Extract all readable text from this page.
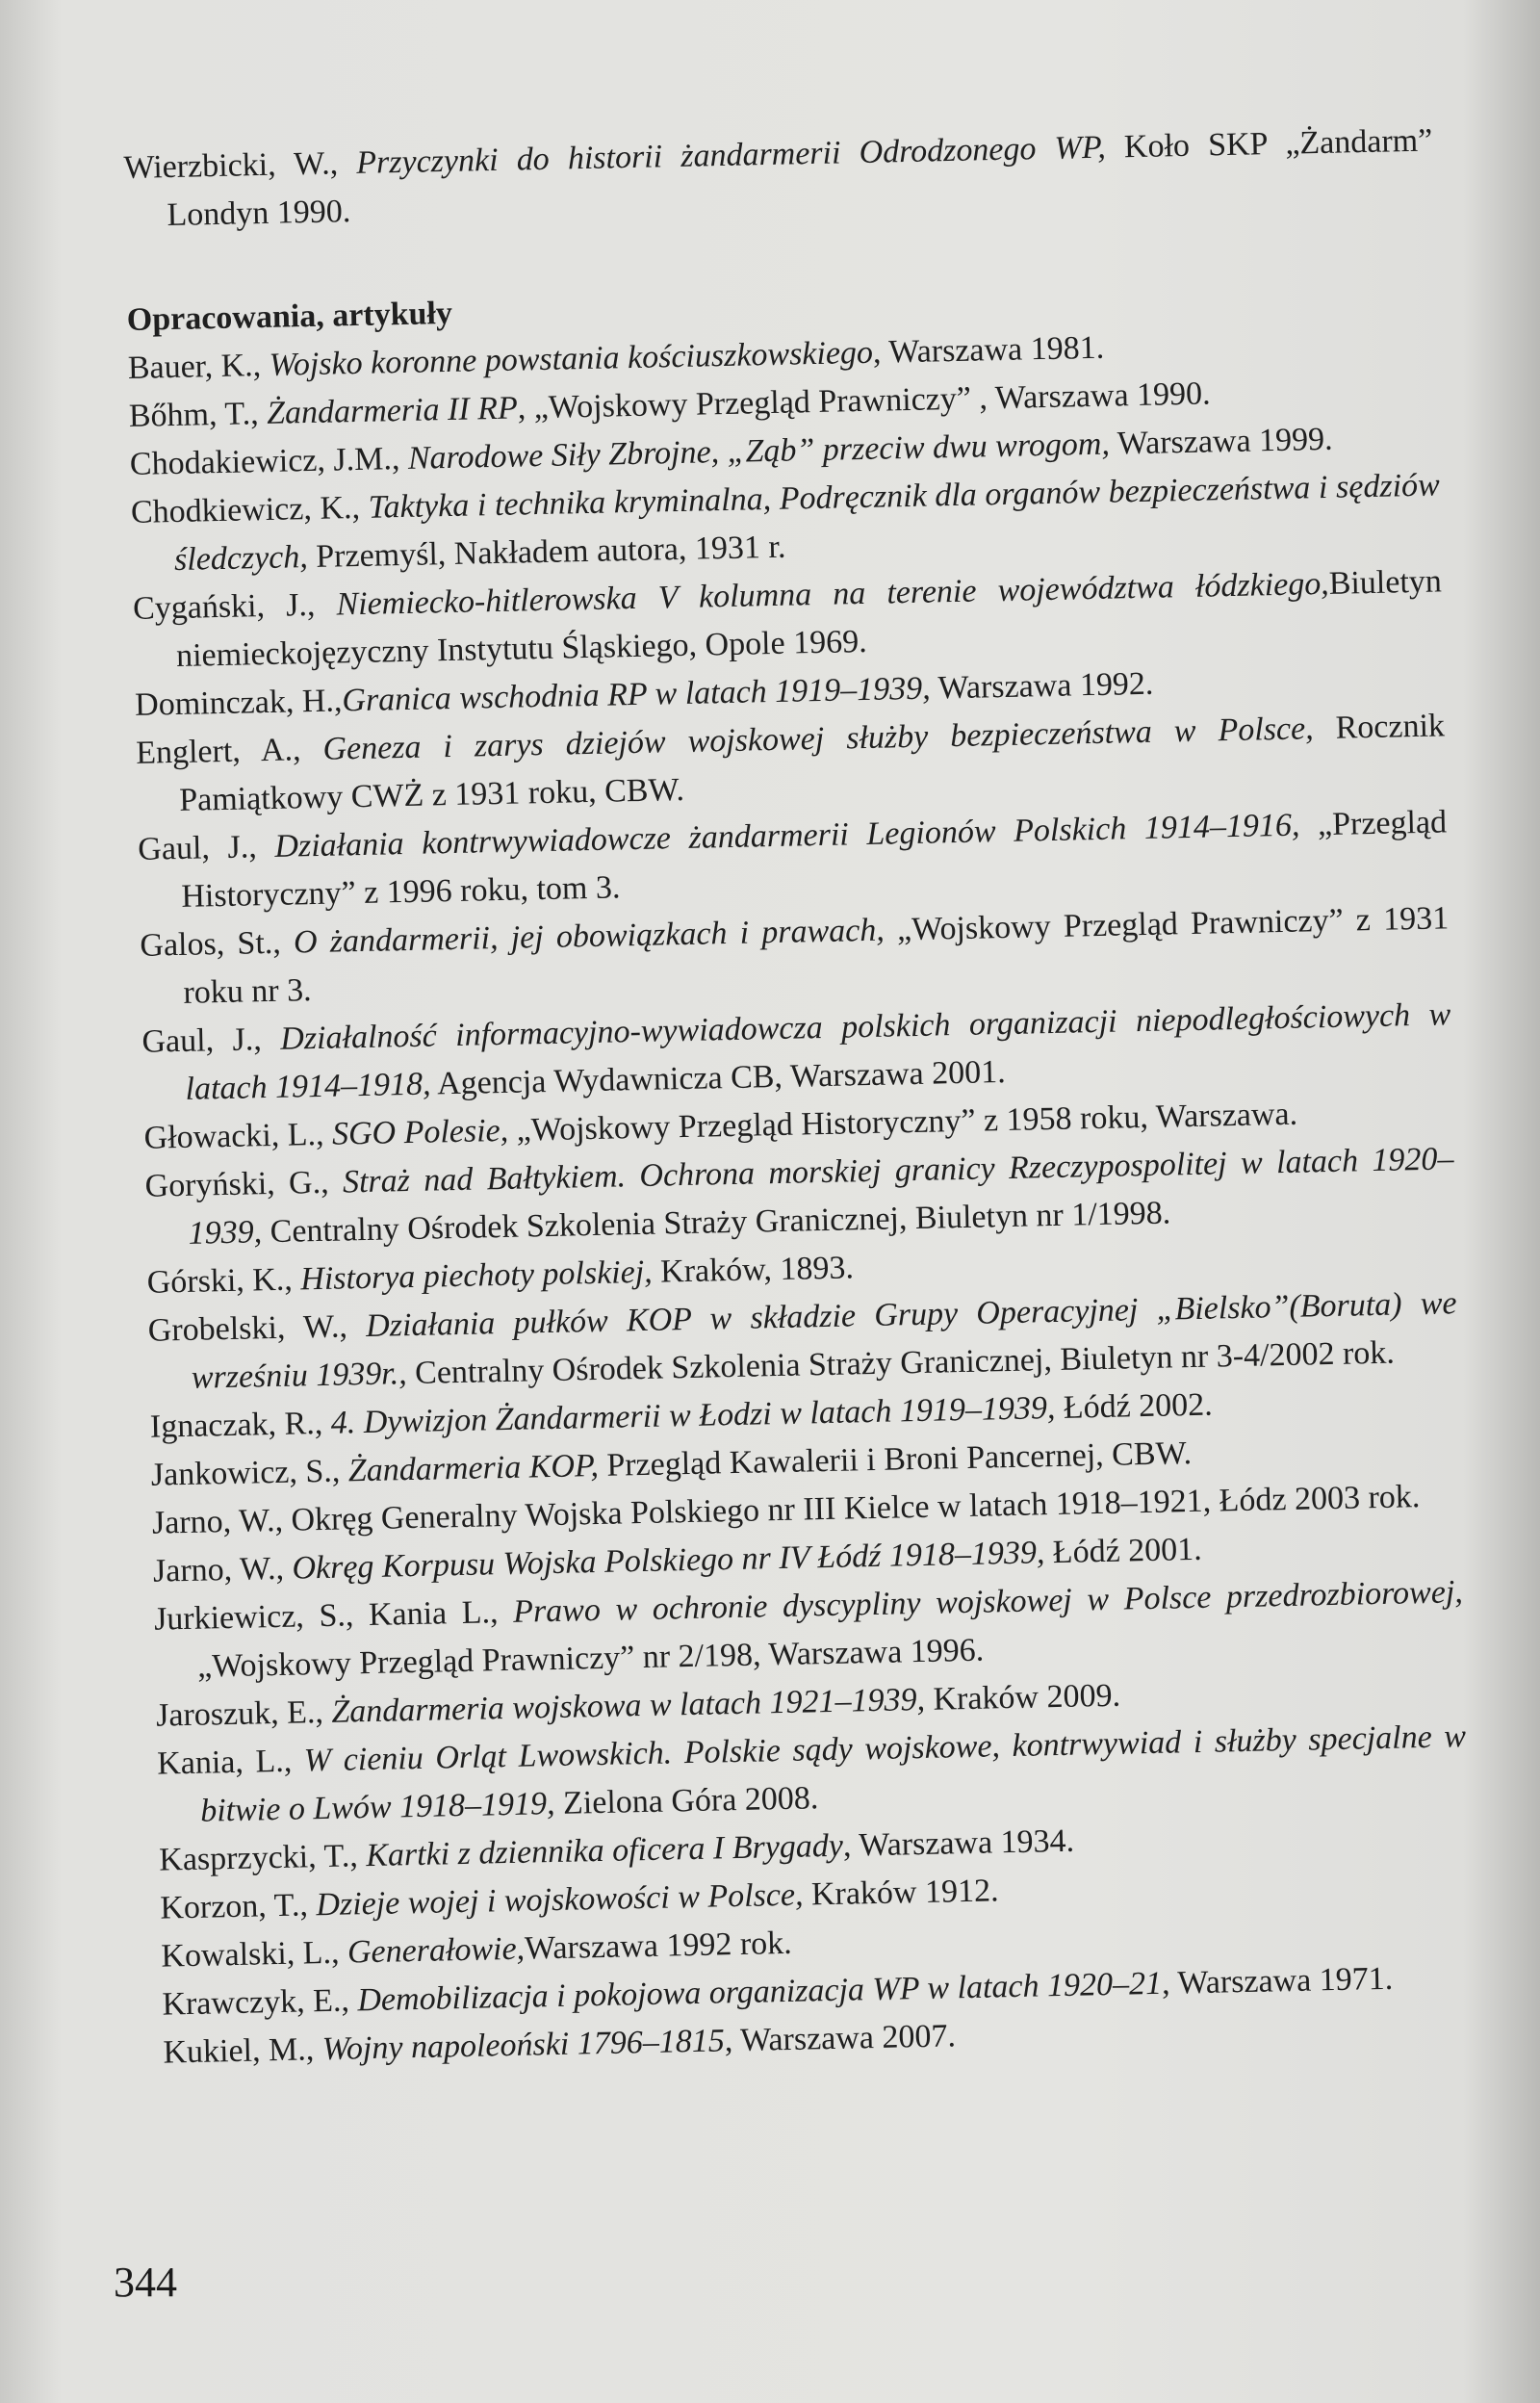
Wierzbicki, W., Przyczynki do historii żandarmerii Odrodzonego WP, Koło SKP „Żandarm” Londyn 1990.

Opracowania, artykuły

Bauer, K., Wojsko koronne powstania kościuszkowskiego, Warszawa 1981.

Bőhm, T., Żandarmeria II RP, „Wojskowy Przegląd Prawniczy” , Warszawa 1990.

Chodakiewicz, J.M., Narodowe Siły Zbrojne, „Ząb” przeciw dwu wrogom, Warszawa 1999.

Chodkiewicz, K., Taktyka i technika kryminalna, Podręcznik dla organów bezpieczeństwa i sędziów śledczych, Przemyśl, Nakładem autora, 1931 r.

Cygański, J., Niemiecko-hitlerowska V kolumna na terenie województwa łódzkiego,Biuletyn niemieckojęzyczny Instytutu Śląskiego, Opole 1969.

Dominczak, H.,Granica wschodnia RP w latach 1919–1939, Warszawa 1992.

Englert, A., Geneza i zarys dziejów wojskowej służby bezpieczeństwa w Polsce, Rocznik Pamiątkowy CWŻ z 1931 roku, CBW.

Gaul, J., Działania kontrwywiadowcze żandarmerii Legionów Polskich 1914–1916, „Przegląd Historyczny” z 1996 roku, tom 3.

Galos, St., O żandarmerii, jej obowiązkach i prawach, „Wojskowy Przegląd Prawniczy” z 1931 roku nr 3.

Gaul, J., Działalność informacyjno-wywiadowcza polskich organizacji niepodległościowych w latach 1914–1918, Agencja Wydawnicza CB, Warszawa 2001.

Głowacki, L., SGO Polesie, „Wojskowy Przegląd Historyczny” z 1958 roku, Warszawa.

Goryński, G., Straż nad Bałtykiem. Ochrona morskiej granicy Rzeczypospolitej w latach 1920–1939, Centralny Ośrodek Szkolenia Straży Granicznej, Biuletyn nr 1/1998.

Górski, K., Historya piechoty polskiej, Kraków, 1893.

Grobelski, W., Działania pułków KOP w składzie Grupy Operacyjnej „Bielsko”(Boruta) we wrześniu 1939r., Centralny Ośrodek Szkolenia Straży Granicznej, Biuletyn nr 3-4/2002 rok.

Ignaczak, R., 4. Dywizjon Żandarmerii w Łodzi w latach 1919–1939, Łódź 2002.

Jankowicz, S., Żandarmeria KOP, Przegląd Kawalerii i Broni Pancernej, CBW.

Jarno, W., Okręg Generalny Wojska Polskiego nr III Kielce w latach 1918–1921, Łódz 2003 rok.

Jarno, W., Okręg Korpusu Wojska Polskiego nr IV Łódź 1918–1939, Łódź 2001.

Jurkiewicz, S., Kania L., Prawo w ochronie dyscypliny wojskowej w Polsce przedrozbiorowej, „Wojskowy Przegląd Prawniczy” nr 2/198, Warszawa 1996.

Jaroszuk, E., Żandarmeria wojskowa w latach 1921–1939, Kraków 2009.

Kania, L., W cieniu Orląt Lwowskich. Polskie sądy wojskowe, kontrwywiad i służby specjalne w bitwie o Lwów 1918–1919, Zielona Góra 2008.

Kasprzycki, T., Kartki z dziennika oficera I Brygady, Warszawa 1934.

Korzon, T., Dzieje wojej i wojskowości w Polsce, Kraków 1912.

Kowalski, L., Generałowie,Warszawa 1992 rok.

Krawczyk, E., Demobilizacja i pokojowa organizacja WP w latach 1920–21, Warszawa 1971.

Kukiel, M., Wojny napoleoński 1796–1815, Warszawa 2007.

344
